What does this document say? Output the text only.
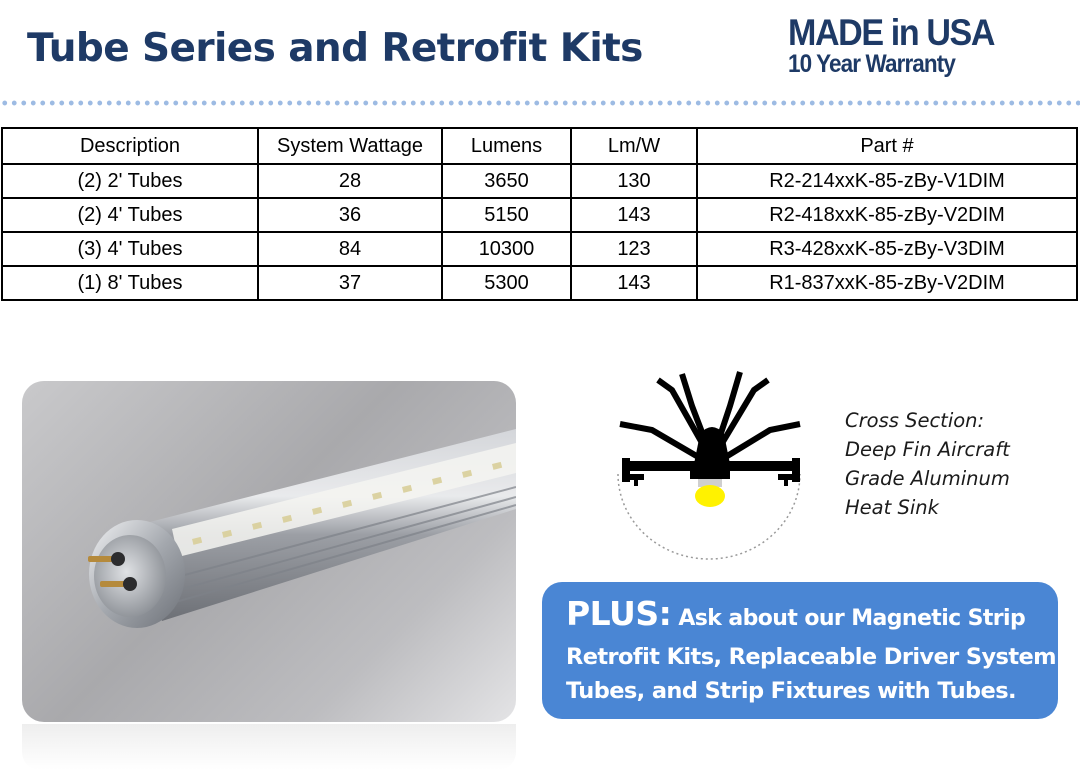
Tube Series and Retrofit Kits	MADE in USA
10 Year Warranty
Description	System Wattage	Lumens	Lm/W	Part #
(2) 2' Tubes	28	3650	130	R2-214xxK-85-zBy-V1DIM
(2) 4' Tubes	36	5150	143	R2-418xxK-85-zBy-V2DIM
(3) 4' Tubes	84	10300	123	R3-428xxK-85-zBy-V3DIM
(1) 8' Tubes	37	5300	143	R1-837xxK-85-zBy-V2DIM
Cross Section:
Deep Fin Aircraft
Grade Aluminum
Heat Sink
PLUS: Ask about our Magnetic Strip
Retrofit Kits, Replaceable Driver System
Tubes, and Strip Fixtures with Tubes.
